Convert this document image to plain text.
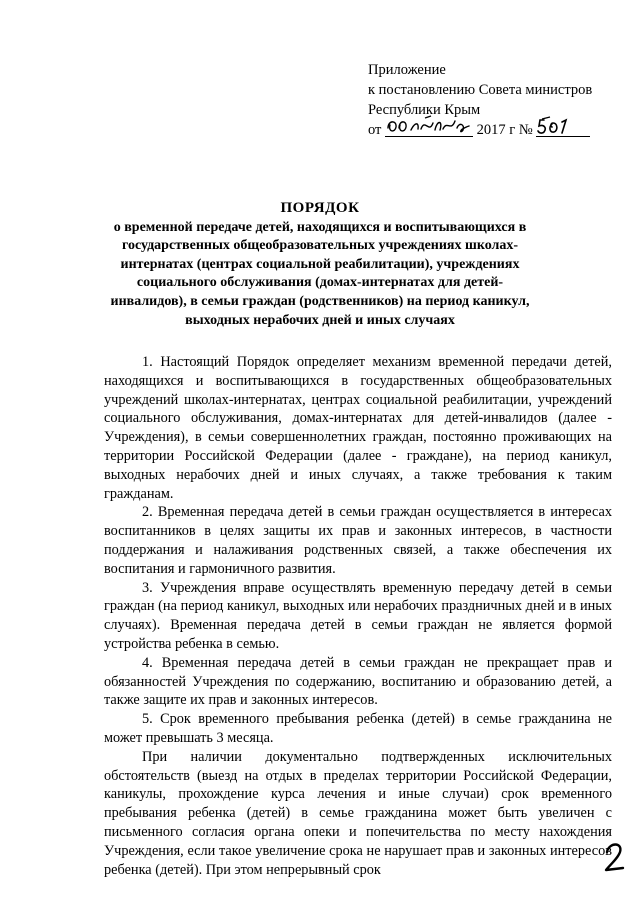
Приложение
к постановлению Совета министров
Республики Крым
от	2017 г №
ПОРЯДОК
о временной передаче детей, находящихся и воспитывающихся в государственных общеобразовательных учреждениях школах-интернатах (центрах социальной реабилитации), учреждениях социального обслуживания (домах-интернатах для детей-инвалидов), в семьи граждан (родственников) на период каникул, выходных нерабочих дней и иных случаях

1. Настоящий Порядок определяет механизм временной передачи детей, находящихся и воспитывающихся в государственных общеобразовательных учреждений школах-интернатах, центрах социальной реабилитации, учреждений социального обслуживания, домах-интернатах для детей-инвалидов (далее - Учреждения), в семьи совершеннолетних граждан, постоянно проживающих на территории Российской Федерации (далее - граждане), на период каникул, выходных нерабочих дней и иных случаях, а также требования к таким гражданам.

2. Временная передача детей в семьи граждан осуществляется в интересах воспитанников в целях защиты их прав и законных интересов, в частности поддержания и налаживания родственных связей, а также обеспечения их воспитания и гармоничного развития.

3. Учреждения вправе осуществлять временную передачу детей в семьи граждан (на период каникул, выходных или нерабочих праздничных дней и в иных случаях). Временная передача детей в семьи граждан не является формой устройства ребенка в семью.

4. Временная передача детей в семьи граждан не прекращает прав и обязанностей Учреждения по содержанию, воспитанию и образованию детей, а также защите их прав и законных интересов.

5. Срок временного пребывания ребенка (детей) в семье гражданина не может превышать 3 месяца.

При наличии документально подтвержденных исключительных обстоятельств (выезд на отдых в пределах территории Российской Федерации, каникулы, прохождение курса лечения и иные случаи) срок временного пребывания ребенка (детей) в семье гражданина может быть увеличен с письменного согласия органа опеки и попечительства по месту нахождения Учреждения, если такое увеличение срока не нарушает прав и законных интересов ребенка (детей). При этом непрерывный срок
